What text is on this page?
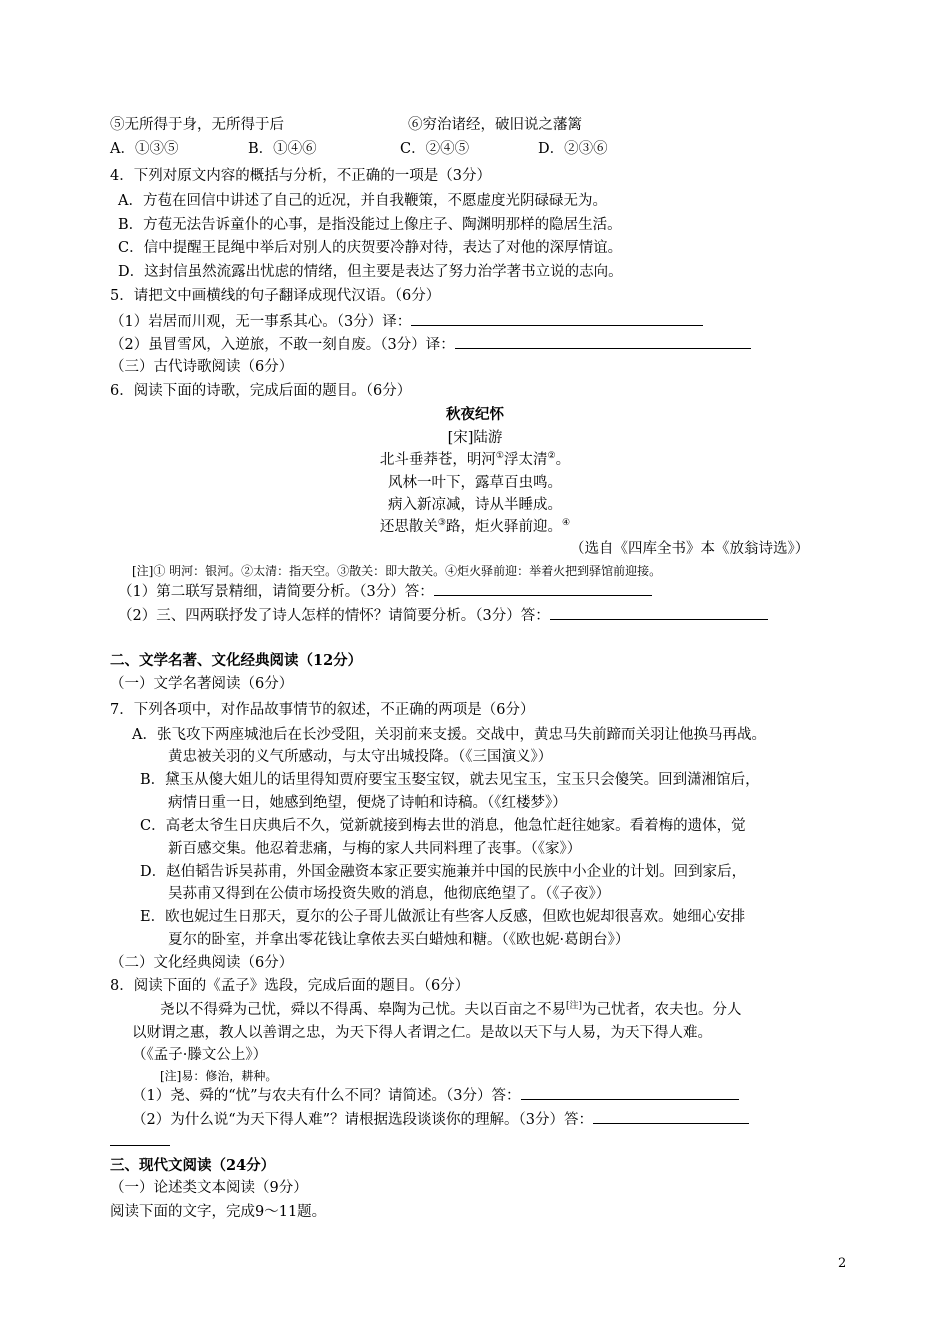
⑤无所得于身，无所得于后	⑥穷治诸经，破旧说之藩篱
A．①③⑤	B．①④⑥	C．②④⑤	D．②③⑥
4．下列对原文内容的概括与分析，不正确的一项是（3分）
A．方苞在回信中讲述了自己的近况，并自我鞭策，不愿虚度光阴碌碌无为。
B．方苞无法告诉童仆的心事，是指没能过上像庄子、陶渊明那样的隐居生活。
C．信中提醒王昆绳中举后对别人的庆贺要冷静对待，表达了对他的深厚情谊。
D．这封信虽然流露出忧虑的情绪，但主要是表达了努力治学著书立说的志向。
5．请把文中画横线的句子翻译成现代汉语。（6分）
（1）岩居而川观，无一事系其心。（3分）译：
（2）虽冒雪风，入逆旅，不敢一刻自废。（3分）译：
（三）古代诗歌阅读（6分）
6．阅读下面的诗歌，完成后面的题目。（6分）
秋夜纪怀
[宋]陆游
北斗垂莽苍，明河①浮太清②。
风林一叶下，露草百虫鸣。
病入新凉减，诗从半睡成。
还思散关③路，炬火驿前迎。④
（选自《四库全书》本《放翁诗选》）
[注]① 明河：银河。②太清：指天空。③散关：即大散关。④炬火驿前迎：举着火把到驿馆前迎接。
（1）第二联写景精细，请简要分析。（3分）答：
（2）三、四两联抒发了诗人怎样的情怀？请简要分析。（3分）答：
二、文学名著、文化经典阅读（12分）
（一）文学名著阅读（6分）
7．下列各项中，对作品故事情节的叙述，不正确的两项是（6分）
A．张飞攻下两座城池后在长沙受阻，关羽前来支援。交战中，黄忠马失前蹄而关羽让他换马再战。
黄忠被关羽的义气所感动，与太守出城投降。（《三国演义》）
B．黛玉从傻大姐儿的话里得知贾府要宝玉娶宝钗，就去见宝玉，宝玉只会傻笑。回到潇湘馆后，
病情日重一日，她感到绝望，便烧了诗帕和诗稿。（《红楼梦》）
C．高老太爷生日庆典后不久，觉新就接到梅去世的消息，他急忙赶往她家。看着梅的遗体，觉
新百感交集。他忍着悲痛，与梅的家人共同料理了丧事。（《家》）
D．赵伯韬告诉吴荪甫，外国金融资本家正要实施兼并中国的民族中小企业的计划。回到家后，
吴荪甫又得到在公债市场投资失败的消息，他彻底绝望了。（《子夜》）
E．欧也妮过生日那天，夏尔的公子哥儿做派让有些客人反感，但欧也妮却很喜欢。她细心安排
夏尔的卧室，并拿出零花钱让拿侬去买白蜡烛和糖。（《欧也妮·葛朗台》）
（二）文化经典阅读（6分）
8．阅读下面的《孟子》选段，完成后面的题目。（6分）
尧以不得舜为己忧，舜以不得禹、皋陶为己忧。夫以百亩之不易[注]为己忧者，农夫也。分人
以财谓之惠，教人以善谓之忠，为天下得人者谓之仁。是故以天下与人易，为天下得人难。
（《孟子·滕文公上》）
[注]易：修治，耕种。
（1）尧、舜的“忧”与农夫有什么不同？请简述。（3分）答：
（2）为什么说“为天下得人难”？请根据选段谈谈你的理解。（3分）答：
三、现代文阅读（24分）
（一）论述类文本阅读（9分）
阅读下面的文字，完成9～11题。
2
